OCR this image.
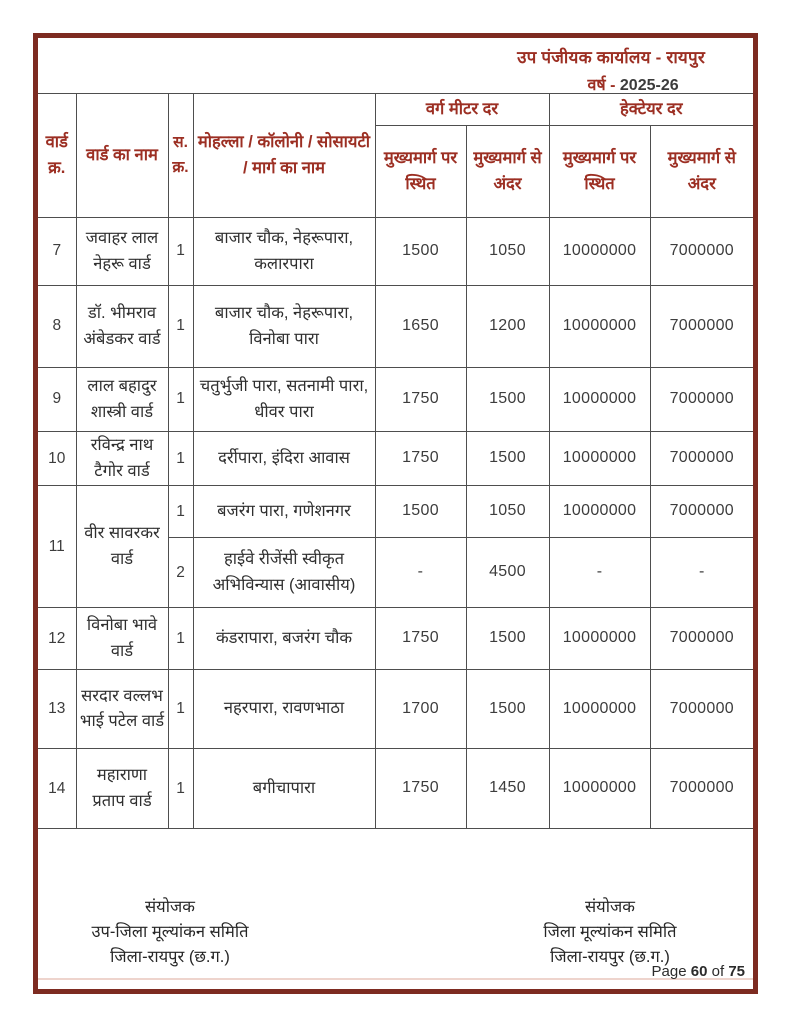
उप पंजीयक कार्यालय - रायपुर
वर्ष - 2025-26
वार्ड क्र.	वार्ड का नाम	स.क्र.	मोहल्ला / कॉलोनी / सोसायटी / मार्ग का नाम	वर्ग मीटर दर		हेक्टेयर दर	
				मुख्यमार्ग पर स्थित	मुख्यमार्ग से अंदर	मुख्यमार्ग पर स्थित	मुख्यमार्ग से अंदर
7	जवाहर लाल नेहरू वार्ड	1	बाजार चौक, नेहरूपारा, कलारपारा	1500	1050	10000000	7000000
8	डॉ. भीमराव अंबेडकर वार्ड	1	बाजार चौक, नेहरूपारा, विनोबा पारा	1650	1200	10000000	7000000
9	लाल बहादुर शास्त्री वार्ड	1	चतुर्भुजी पारा, सतनामी पारा, धीवर पारा	1750	1500	10000000	7000000
10	रविन्द्र नाथ टैगोर वार्ड	1	दर्रीपारा, इंदिरा आवास	1750	1500	10000000	7000000
11	वीर सावरकर वार्ड	1	बजरंग पारा, गणेशनगर	1500	1050	10000000	7000000
		2	हाईवे रीजेंसी स्वीकृत अभिविन्यास (आवासीय)	-	4500	-	-
12	विनोबा भावे वार्ड	1	कंडरापारा, बजरंग चौक	1750	1500	10000000	7000000
13	सरदार वल्लभ भाई पटेल वार्ड	1	नहरपारा, रावणभाठा	1700	1500	10000000	7000000
14	महाराणा प्रताप वार्ड	1	बगीचापारा	1750	1450	10000000	7000000
संयोजक
उप-जिला मूल्यांकन समिति
जिला-रायपुर (छ.ग.)
संयोजक
जिला मूल्यांकन समिति
जिला-रायपुर (छ.ग.)
Page 60 of 75
